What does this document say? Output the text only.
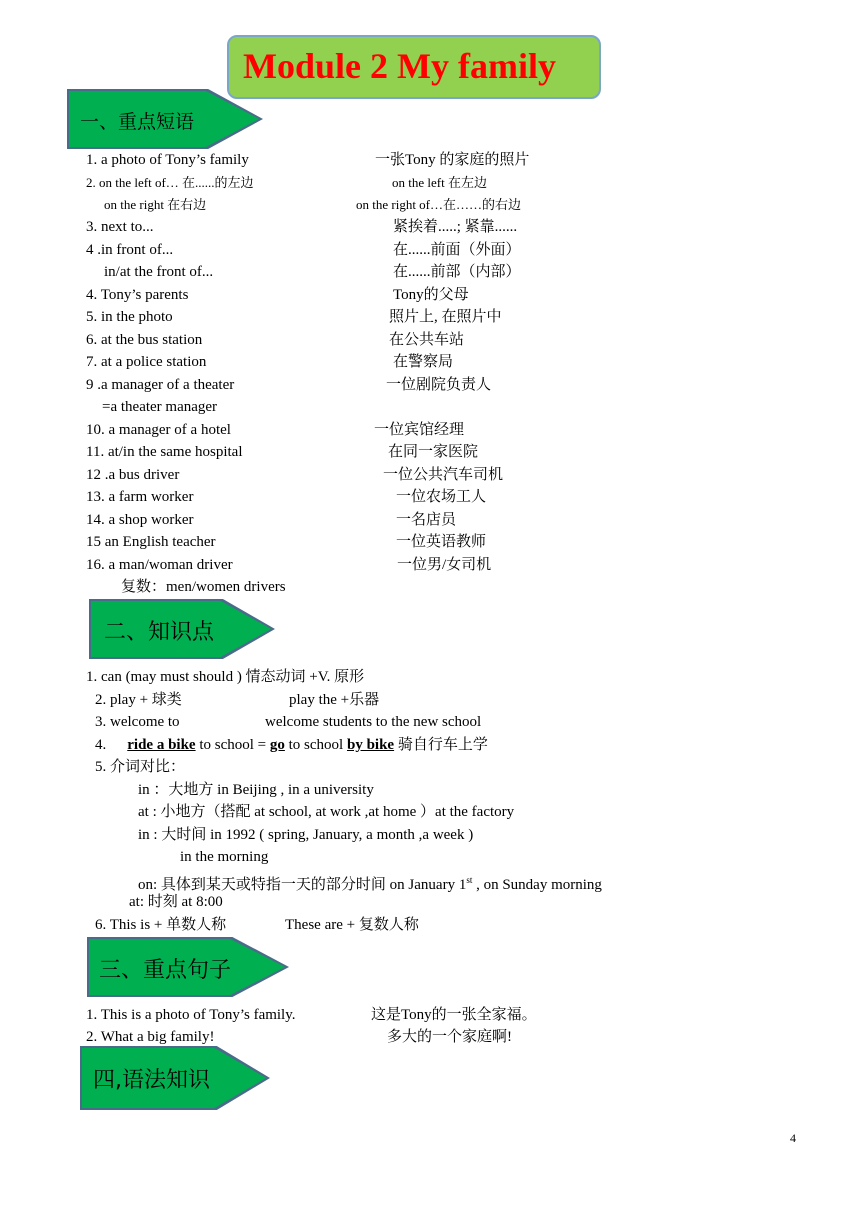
Module 2 My family
一、重点短语
1. a photo of Tony’s family	一张Tony 的家庭的照片
2. on the left of… 在......的左边	on the left 在左边
on the right 在右边	on the right of…在……的右边
3. next to...	紧挨着.....; 紧靠......
4 .in front of...	在......前面（外面）
in/at the front of...	在......前部（内部）
4. Tony’s parents	Tony的父母
5. in the photo	照片上, 在照片中
6. at the bus station	在公共车站
7. at a police station	在警察局
9 .a manager of a theater	一位剧院负责人
=a theater manager
10. a manager of a hotel	一位宾馆经理
11. at/in the same hospital	在同一家医院
12 .a bus driver	一位公共汽车司机
13. a farm worker	一位农场工人
14. a shop worker	一名店员
15 an English teacher	一位英语教师
16. a man/woman driver	一位男/女司机
复数：men/women drivers
二、知识点
1. can (may must should ) 情态动词 +V. 原形
2. play + 球类	play the +乐器
3. welcome to	welcome students to the new school
4. ride a bike to school = go to school by bike 骑自行车上学
5. 介词对比：
in ：大地方 in Beijing , in a university
at : 小地方（搭配 at school, at work ,at home ）at the factory
in : 大时间 in 1992 ( spring, January, a month ,a week )
in the morning
on: 具体到某天或特指一天的部分时间 on January 1st , on Sunday morning
at: 时刻 at 8:00
6. This is + 单数人称	These are + 复数人称
三、重点句子
1. This is a photo of Tony’s family.	这是Tony的一张全家福。
2. What a big family!	多大的一个家庭啊!
四,语法知识
4
